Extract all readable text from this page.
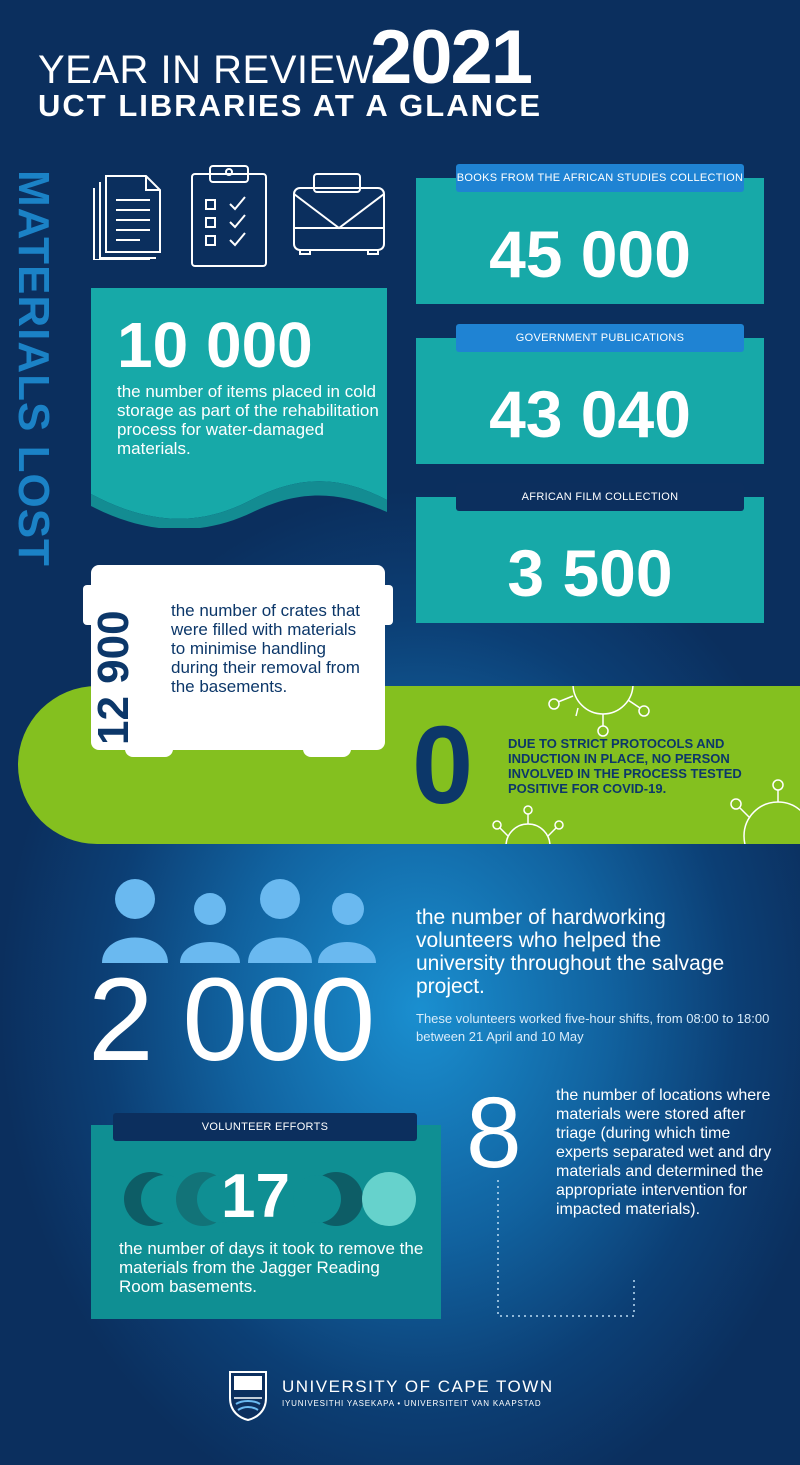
YEAR IN REVIEW
2021
UCT LIBRARIES AT A GLANCE
MATERIALS LOST	BOOKS FROM THE AFRICAN STUDIES COLLECTION
45 000
GOVERNMENT PUBLICATIONS
43 040
AFRICAN FILM COLLECTION
3 500
10 000
the number of items placed in cold storage as part of the rehabilitation process for water-damaged materials.
0	DUE TO STRICT PROTOCOLS AND INDUCTION IN PLACE, NO PERSON INVOLVED IN THE PROCESS TESTED POSITIVE FOR COVID-19.
12 900 the number of crates that were filled with materials to minimise handling during their removal from the basements.
2 000
the number of hardworking volunteers who helped the university throughout the salvage project.
These volunteers worked five-hour shifts, from 08:00 to 18:00 between 21 April and 10 May
8 the number of locations where materials were stored after triage (during which time experts separated wet and dry materials and determined the appropriate intervention for impacted materials).
VOLUNTEER EFFORTS
17
the number of days it took to remove the materials from the Jagger Reading Room basements.
UNIVERSITY OF CAPE TOWN
IYUNIVESITHI YASEKAPA • UNIVERSITEIT VAN KAAPSTAD
